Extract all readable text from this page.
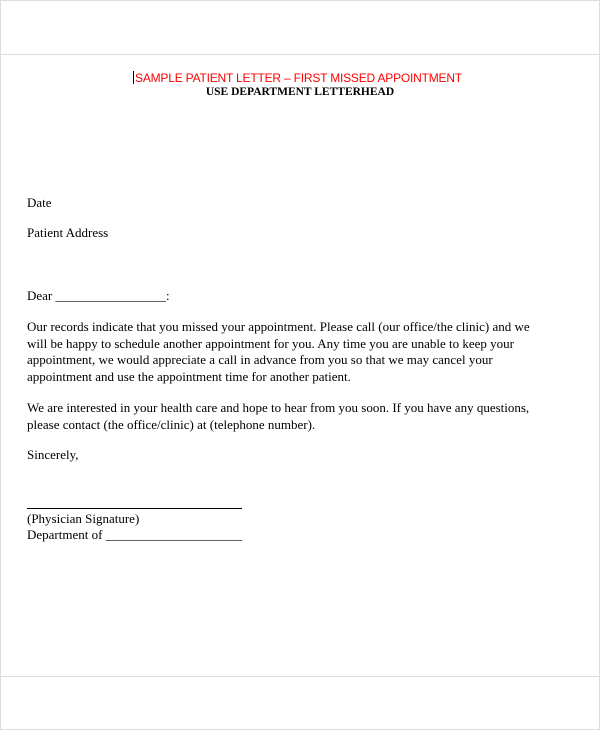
SAMPLE PATIENT LETTER – FIRST MISSED APPOINTMENT
USE DEPARTMENT LETTERHEAD
Date
Patient Address
Dear _________________:
Our records indicate that you missed your appointment. Please call (our office/the clinic) and we
will be happy to schedule another appointment for you. Any time you are unable to keep your
appointment, we would appreciate a call in advance from you so that we may cancel your
appointment and use the appointment time for another patient.
We are interested in your health care and hope to hear from you soon. If you have any questions,
please contact (the office/clinic) at (telephone number).
Sincerely,
(Physician Signature)
Department of _____________________
